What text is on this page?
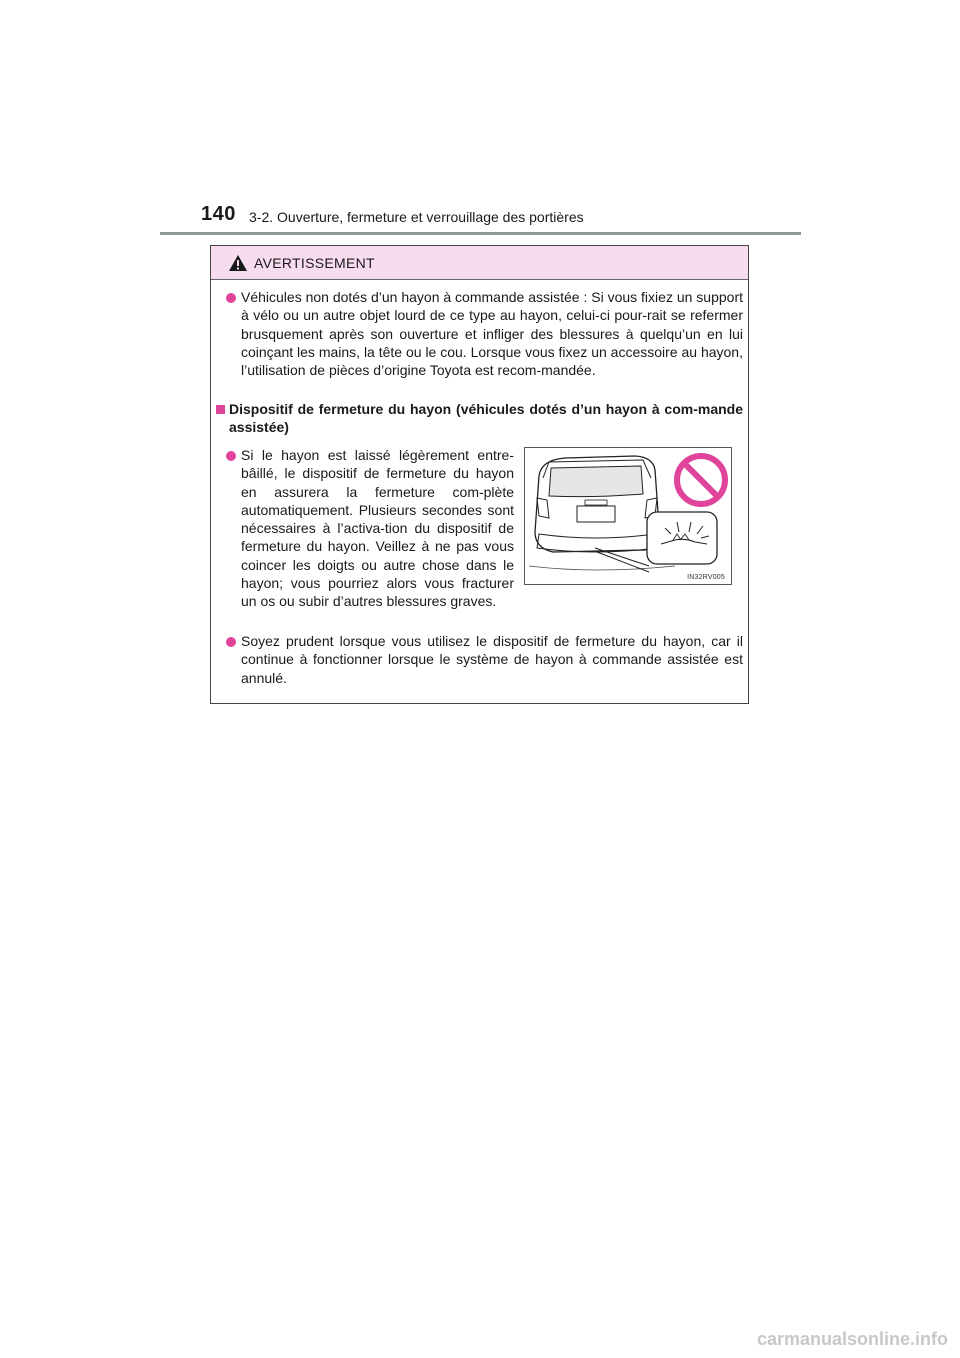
140 3-2. Ouverture, fermeture et verrouillage des portières
AVERTISSEMENT
Véhicules non dotés d’un hayon à commande assistée : Si vous fixiez un support à vélo ou un autre objet lourd de ce type au hayon, celui-ci pour-rait se refermer brusquement après son ouverture et infliger des blessures à quelqu’un en lui coinçant les mains, la tête ou le cou. Lorsque vous fixez un accessoire au hayon, l’utilisation de pièces d’origine Toyota est recom-mandée.
Dispositif de fermeture du hayon (véhicules dotés d’un hayon à com-mande assistée)
Si le hayon est laissé légèrement entre-bâillé, le dispositif de fermeture du hayon en assurera la fermeture com-plète automatiquement. Plusieurs secondes sont nécessaires à l’activa-tion du dispositif de fermeture du hayon. Veillez à ne pas vous coincer les doigts ou autre chose dans le hayon; vous pourriez alors vous fracturer un os ou subir d’autres blessures graves.
IN32RV005
Soyez prudent lorsque vous utilisez le dispositif de fermeture du hayon, car il continue à fonctionner lorsque le système de hayon à commande assistée est annulé.
carmanualsonline.info
